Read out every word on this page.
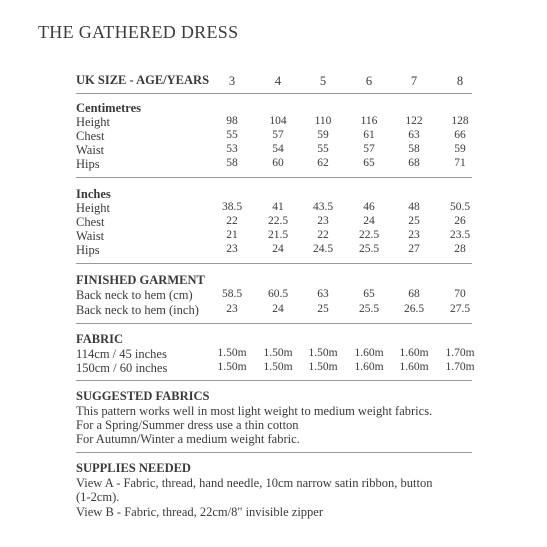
THE GATHERED DRESS
UK SIZE - AGE/YEARS	3	4	5	6	7	8
Centimetres
Height	98	104	110	116	122	128
Chest	55	57	59	61	63	66
Waist	53	54	55	57	58	59
Hips	58	60	62	65	68	71
Inches
Height	38.5	41	43.5	46	48	50.5
Chest	22	22.5	23	24	25	26
Waist	21	21.5	22	22.5	23	23.5
Hips	23	24	24.5	25.5	27	28
FINISHED GARMENT
Back neck to hem (cm)	58.5	60.5	63	65	68	70
Back neck to hem (inch)	23	24	25	25.5	26.5	27.5
FABRIC
114cm / 45 inches	1.50m	1.50m	1.50m	1.60m	1.60m	1.70m
150cm / 60 inches	1.50m	1.50m	1.50m	1.60m	1.60m	1.70m
SUGGESTED FABRICS
This pattern works well in most light weight to medium weight fabrics.
For a Spring/Summer dress use a thin cotton
For Autumn/Winter a medium weight fabric.
SUPPLIES NEEDED
View A - Fabric, thread, hand needle, 10cm narrow satin ribbon, button
(1-2cm).
View B - Fabric, thread, 22cm/8" invisible zipper
